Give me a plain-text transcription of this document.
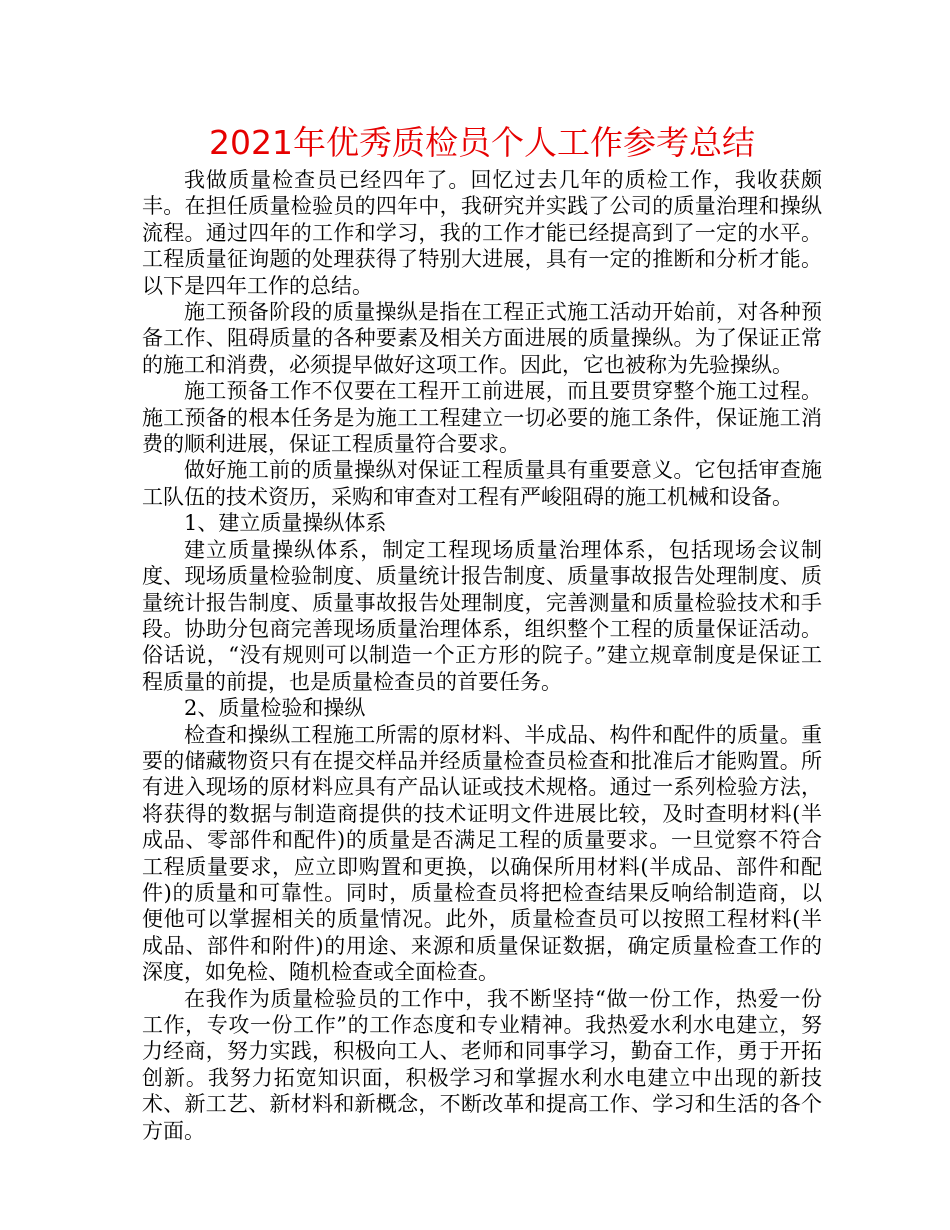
2021年优秀质检员个人工作参考总结

我做质量检查员已经四年了。回忆过去几年的质检工作，我收获颇丰。在担任质量检验员的四年中，我研究并实践了公司的质量治理和操纵流程。通过四年的工作和学习，我的工作才能已经提高到了一定的水平。工程质量征询题的处理获得了特别大进展，具有一定的推断和分析才能。以下是四年工作的总结。

施工预备阶段的质量操纵是指在工程正式施工活动开始前，对各种预备工作、阻碍质量的各种要素及相关方面进展的质量操纵。为了保证正常的施工和消费，必须提早做好这项工作。因此，它也被称为先验操纵。

施工预备工作不仅要在工程开工前进展，而且要贯穿整个施工过程。施工预备的根本任务是为施工工程建立一切必要的施工条件，保证施工消费的顺利进展，保证工程质量符合要求。

做好施工前的质量操纵对保证工程质量具有重要意义。它包括审查施工队伍的技术资历，采购和审查对工程有严峻阻碍的施工机械和设备。

1、建立质量操纵体系

建立质量操纵体系，制定工程现场质量治理体系，包括现场会议制度、现场质量检验制度、质量统计报告制度、质量事故报告处理制度、质量统计报告制度、质量事故报告处理制度，完善测量和质量检验技术和手段。协助分包商完善现场质量治理体系，组织整个工程的质量保证活动。俗话说，“没有规则可以制造一个正方形的院子。”建立规章制度是保证工程质量的前提，也是质量检查员的首要任务。

2、质量检验和操纵

检查和操纵工程施工所需的原材料、半成品、构件和配件的质量。重要的储藏物资只有在提交样品并经质量检查员检查和批准后才能购置。所有进入现场的原材料应具有产品认证或技术规格。通过一系列检验方法，将获得的数据与制造商提供的技术证明文件进展比较，及时查明材料(半成品、零部件和配件)的质量是否满足工程的质量要求。一旦觉察不符合工程质量要求，应立即购置和更换，以确保所用材料(半成品、部件和配件)的质量和可靠性。同时，质量检查员将把检查结果反响给制造商，以便他可以掌握相关的质量情况。此外，质量检查员可以按照工程材料(半成品、部件和附件)的用途、来源和质量保证数据，确定质量检查工作的深度，如免检、随机检查或全面检查。

在我作为质量检验员的工作中，我不断坚持“做一份工作，热爱一份工作，专攻一份工作”的工作态度和专业精神。我热爱水利水电建立，努力经商，努力实践，积极向工人、老师和同事学习，勤奋工作，勇于开拓创新。我努力拓宽知识面，积极学习和掌握水利水电建立中出现的新技术、新工艺、新材料和新概念，不断改革和提高工作、学习和生活的各个方面。
